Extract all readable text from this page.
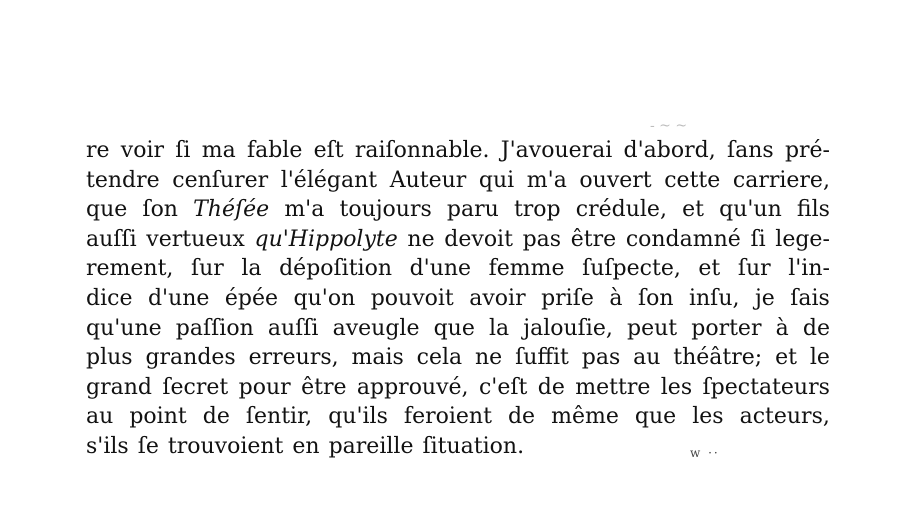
- ~ ~
re voir ſi ma fable eſt raiſonnable. J'avouerai d'abord, ſans pré-
tendre cenſurer l'élégant Auteur qui m'a ouvert cette carriere,
que ſon Théſée m'a toujours paru trop crédule, et qu'un fils
auſſi vertueux qu'Hippolyte ne devoit pas être condamné ſi lege-
rement, ſur la dépoſition d'une femme ſuſpecte, et ſur l'in-
dice d'une épée qu'on pouvoit avoir priſe à ſon inſu, je ſais
qu'une paſſion auſſi aveugle que la jalouſie, peut porter à de
plus grandes erreurs, mais cela ne ſuffit pas au théâtre; et le
grand ſecret pour être approuvé, c'eſt de mettre les ſpectateurs
au point de ſentir, qu'ils feroient de même que les acteurs,
s'ils ſe trouvoient en pareille ſituation.	w ··
